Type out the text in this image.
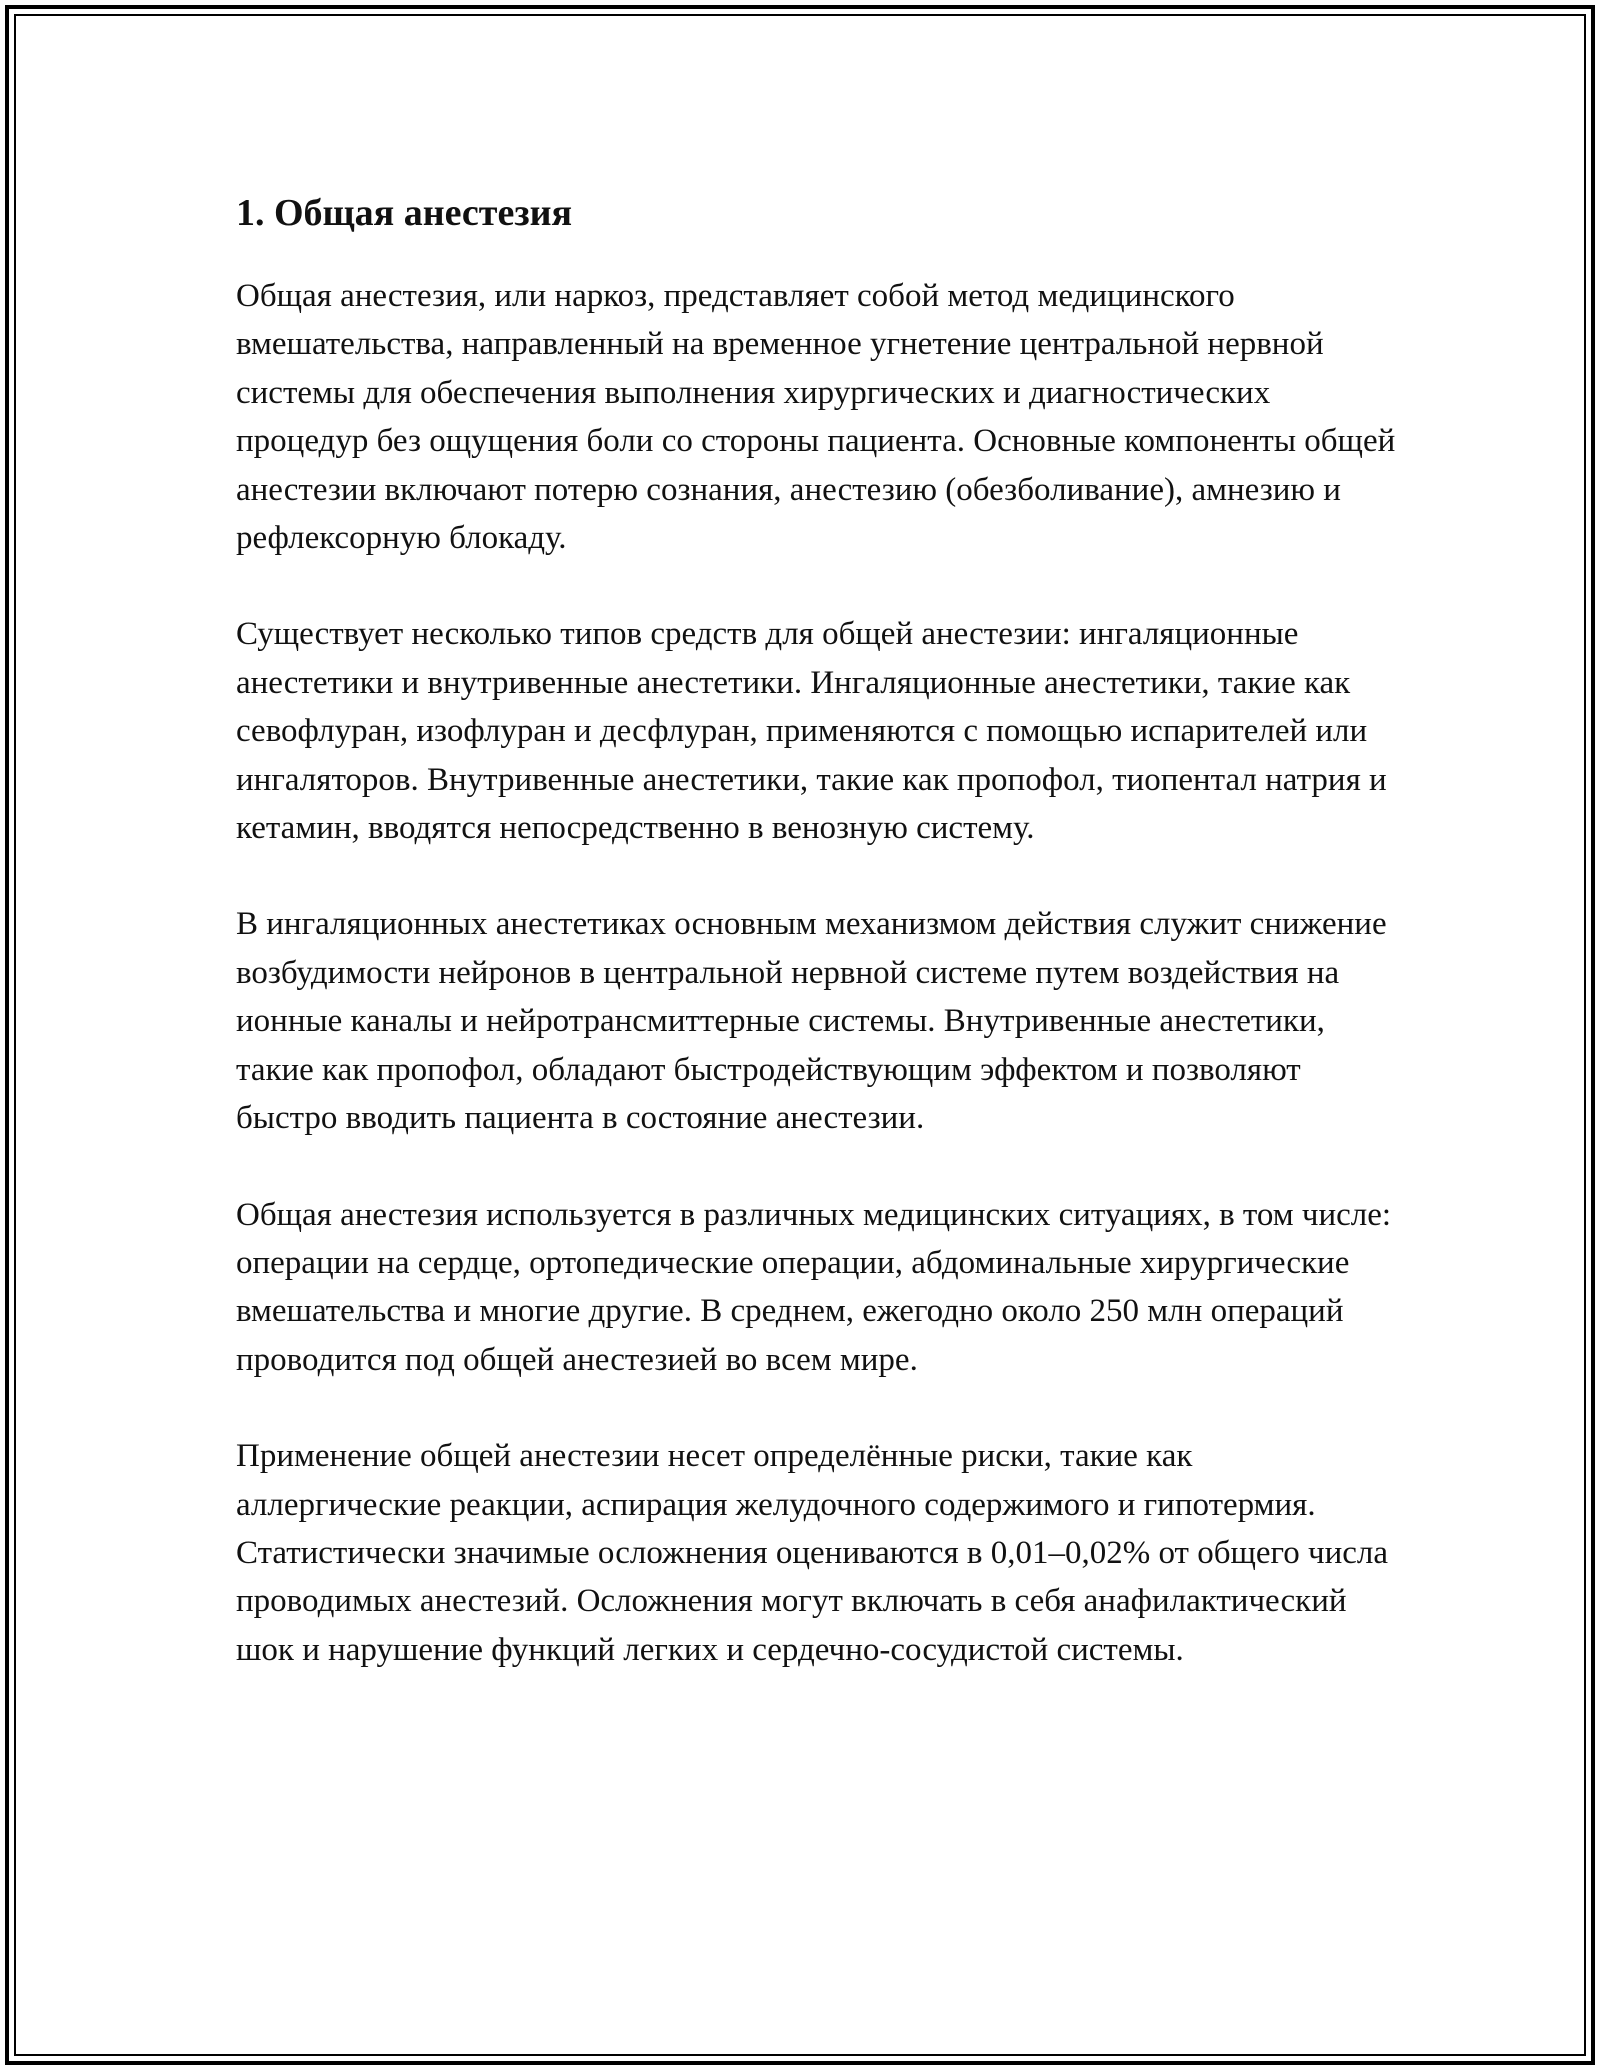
1. Общая анестезия

Общая анестезия, или наркоз, представляет собой метод медицинского вмешательства, направленный на временное угнетение центральной нервной системы для обеспечения выполнения хирургических и диагностических процедур без ощущения боли со стороны пациента. Основные компоненты общей анестезии включают потерю сознания, анестезию (обезболивание), амнезию и рефлексорную блокаду.

Существует несколько типов средств для общей анестезии: ингаляционные анестетики и внутривенные анестетики. Ингаляционные анестетики, такие как севофлуран, изофлуран и десфлуран, применяются с помощью испарителей или ингаляторов. Внутривенные анестетики, такие как пропофол, тиопентал натрия и кетамин, вводятся непосредственно в венозную систему.

В ингаляционных анестетиках основным механизмом действия служит снижение возбудимости нейронов в центральной нервной системе путем воздействия на ионные каналы и нейротрансмиттерные системы. Внутривенные анестетики, такие как пропофол, обладают быстродействующим эффектом и позволяют быстро вводить пациента в состояние анестезии.

Общая анестезия используется в различных медицинских ситуациях, в том числе: операции на сердце, ортопедические операции, абдоминальные хирургические вмешательства и многие другие. В среднем, ежегодно около 250 млн операций проводится под общей анестезией во всем мире.

Применение общей анестезии несет определённые риски, такие как аллергические реакции, аспирация желудочного содержимого и гипотермия. Статистически значимые осложнения оцениваются в 0,01–0,02% от общего числа проводимых анестезий. Осложнения могут включать в себя анафилактический шок и нарушение функций легких и сердечно-сосудистой системы.
